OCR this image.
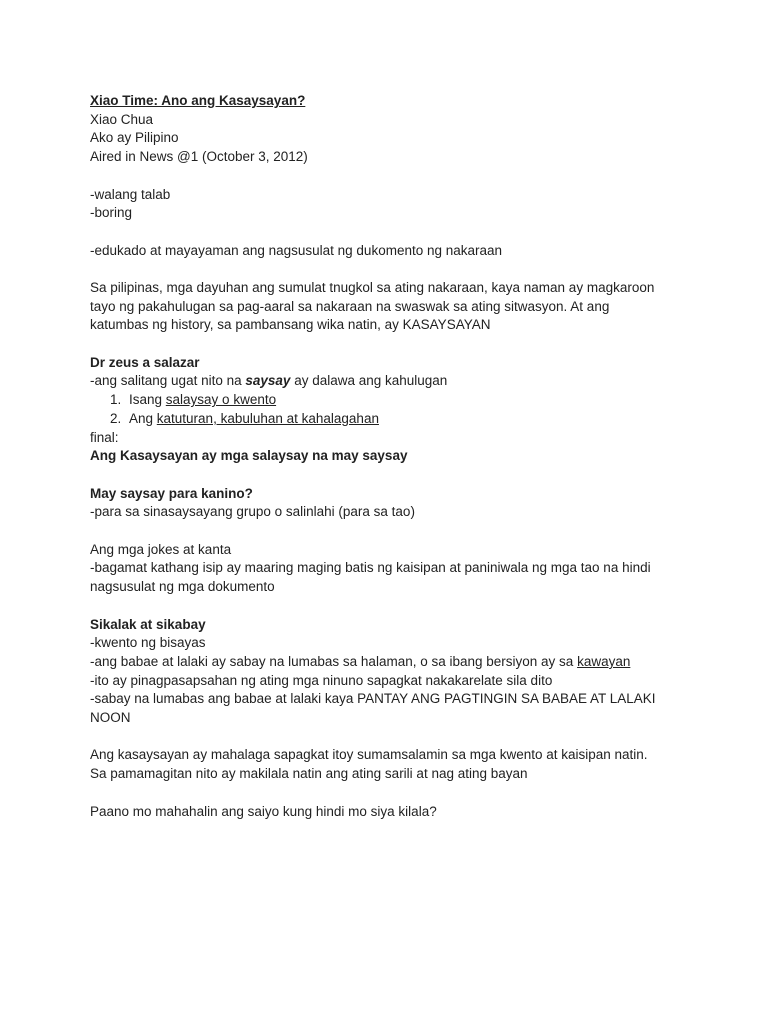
Xiao Time: Ano ang Kasaysayan?
Xiao Chua
Ako ay Pilipino
Aired in News @1 (October 3, 2012)
-walang talab
-boring
-edukado at mayayaman ang nagsusulat ng dukomento ng nakaraan
Sa pilipinas, mga dayuhan ang sumulat tnugkol sa ating nakaraan, kaya naman ay magkaroon
tayo ng pakahulugan sa pag-aaral sa nakaraan na swaswak sa ating sitwasyon. At ang
katumbas ng history, sa pambansang wika natin, ay KASAYSAYAN
Dr zeus a salazar
-ang salitang ugat nito na saysay ay dalawa ang kahulugan
1. Isang salaysay o kwento
2. Ang katuturan, kabuluhan at kahalagahan
final:
Ang Kasaysayan ay mga salaysay na may saysay
May saysay para kanino?
-para sa sinasaysayang grupo o salinlahi (para sa tao)
Ang mga jokes at kanta
-bagamat kathang isip ay maaring maging batis ng kaisipan at paniniwala ng mga tao na hindi
nagsusulat ng mga dokumento
Sikalak at sikabay
-kwento ng bisayas
-ang babae at lalaki ay sabay na lumabas sa halaman, o sa ibang bersiyon ay sa kawayan
-ito ay pinagpasapsahan ng ating mga ninuno sapagkat nakakarelate sila dito
-sabay na lumabas ang babae at lalaki kaya PANTAY ANG PAGTINGIN SA BABAE AT LALAKI
NOON
Ang kasaysayan ay mahalaga sapagkat itoy sumamsalamin sa mga kwento at kaisipan natin.
Sa pamamagitan nito ay makilala natin ang ating sarili at nag ating bayan
Paano mo mahahalin ang saiyo kung hindi mo siya kilala?
